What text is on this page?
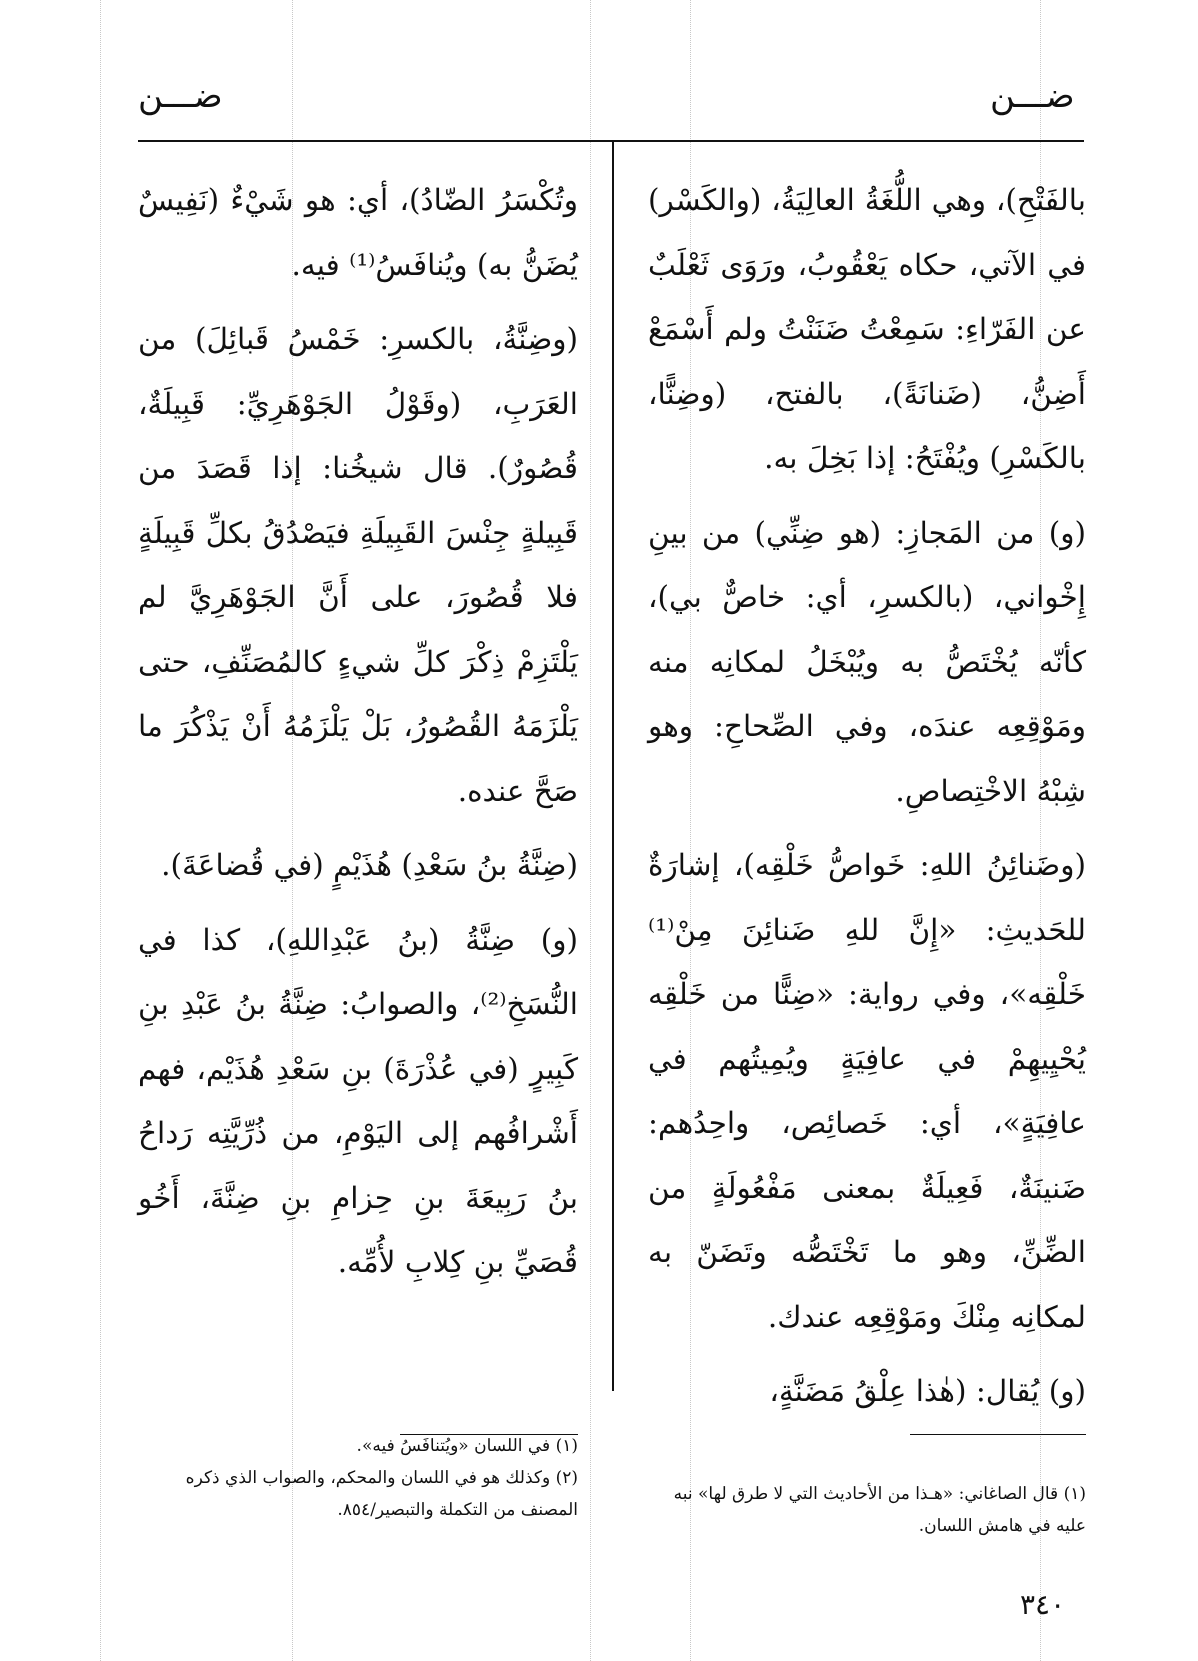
ضـــن
ضـــن

بالفَتْحِ)، وهي اللُّغَةُ العالِيَةُ، (والكَسْر) في الآتي، حكاه يَعْقُوبُ، ورَوَى ثَعْلَبٌ عن الفَرّاءِ: سَمِعْتُ ضَنَنْتُ ولم أَسْمَعْ أَضِنُّ، (ضَنانَةً)، بالفتح، (وضِنًّا، بالكَسْرِ) ويُفْتَحُ: إذا بَخِلَ به.

(و) من المَجازِ: (هو ضِنِّي) من بينِ إِخْواني، (بالكسرِ، أي: خاصٌّ بي)، كأنّه يُخْتَصُّ به ويُبْخَلُ لمكانِه منه ومَوْقِعِه عندَه، وفي الصِّحاحِ: وهو شِبْهُ الاخْتِصاصِ.

(وضَنائِنُ اللهِ: خَواصُّ خَلْقِه)، إشارَةٌ للحَديثِ: «إِنَّ للهِ ضَنائِنَ مِنْ⁽¹⁾ خَلْقِه»، وفي رواية: «ضِنًّا من خَلْقِه يُحْيِيهِمْ في عافِيَةٍ ويُمِيتُهم في عافِيَةٍ»، أي: خَصائِص، واحِدُهم: ضَنينَةٌ، فَعِيلَةٌ بمعنى مَفْعُولَةٍ من الضِّنِّ، وهو ما تَخْتَصُّه وتَضَنّ به لمكانِه مِنْكَ ومَوْقِعِه عندك.

(و) يُقال: (هٰذا عِلْقُ مَضَنَّةٍ،

وتُكْسَرُ الضّادُ)، أي: هو شَيْءٌ (نَفِيسٌ يُضَنُّ به) ويُنافَسُ⁽¹⁾ فيه.

(وضِنَّةُ، بالكسرِ: خَمْسُ قَبائِلَ) من العَرَبِ، (وقَوْلُ الجَوْهَرِيِّ: قَبِيلَةٌ، قُصُورٌ). قال شيخُنا: إذا قَصَدَ من قَبِيلةٍ جِنْسَ القَبِيلَةِ فيَصْدُقُ بكلِّ قَبِيلَةٍ فلا قُصُورَ، على أَنَّ الجَوْهَرِيَّ لم يَلْتَزِمْ ذِكْرَ كلِّ شيءٍ كالمُصَنِّفِ، حتى يَلْزَمَهُ القُصُورُ، بَلْ يَلْزَمُهُ أَنْ يَذْكُرَ ما صَحَّ عنده.

(ضِنَّةُ بنُ سَعْدِ) هُذَيْمٍ (في قُضاعَةَ).

(و) ضِنَّةُ (بنُ عَبْدِاللهِ)، كذا في النُّسَخِ⁽²⁾، والصوابُ: ضِنَّةُ بنُ عَبْدِ بنِ كَبِيرٍ (في عُذْرَةَ) بنِ سَعْدِ هُذَيْم، فهم أَشْرافُهم إلى اليَوْمِ، من ذُرِّيَّتِه رَداحُ بنُ رَبِيعَةَ بنِ حِزامِ بنِ ضِنَّةَ، أَخُو قُصَيِّ بنِ كِلابِ لأُمِّه.

(١) قال الصاغاني: «هـذا من الأحاديث التي لا طرق لها» نبه عليه في هامش اللسان.

(١) في اللسان «ويُتنافَسُ فيه».

(٢) وكذلك هو في اللسان والمحكم، والصواب الذي ذكره المصنف من التكملة والتبصير/٨٥٤.

٣٤٠
